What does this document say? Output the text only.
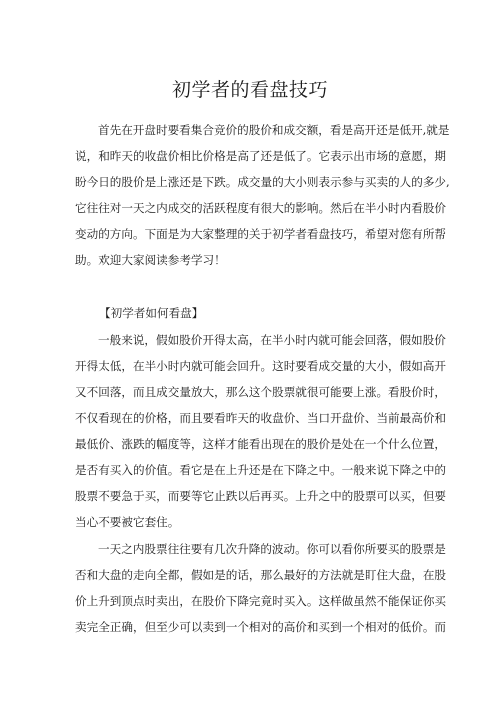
初学者的看盘技巧
首先在开盘时要看集合竞价的股价和成交额，看是高开还是低开,就是
说，和昨天的收盘价相比价格是高了还是低了。它表示出市场的意愿，期
盼今日的股价是上涨还是下跌。成交量的大小则表示参与买卖的人的多少,
它往往对一天之内成交的活跃程度有很大的影响。然后在半小时内看股价
变动的方向。下面是为大家整理的关于初学者看盘技巧，希望对您有所帮
助。欢迎大家阅读参考学习！
【初学者如何看盘】
一般来说，假如股价开得太高，在半小时内就可能会回落，假如股价
开得太低，在半小时内就可能会回升。这时要看成交量的大小，假如高开
又不回落，而且成交量放大，那么这个股票就很可能要上涨。看股价时，
不仅看现在的价格，而且要看昨天的收盘价、当口开盘价、当前最高价和
最低价、涨跌的幅度等，这样才能看出现在的股价是处在一个什么位置，
是否有买入的价值。看它是在上升还是在下降之中。一般来说下降之中的
股票不要急于买，而要等它止跌以后再买。上升之中的股票可以买，但要
当心不要被它套住。
一天之内股票往往要有几次升降的波动。你可以看你所要买的股票是
否和大盘的走向全都，假如是的话，那么最好的方法就是盯住大盘，在股
价上升到顶点时卖出，在股价下降完竟时买入。这样做虽然不能保证你买
卖完全正确，但至少可以卖到一个相对的高价和买到一个相对的低价。而
